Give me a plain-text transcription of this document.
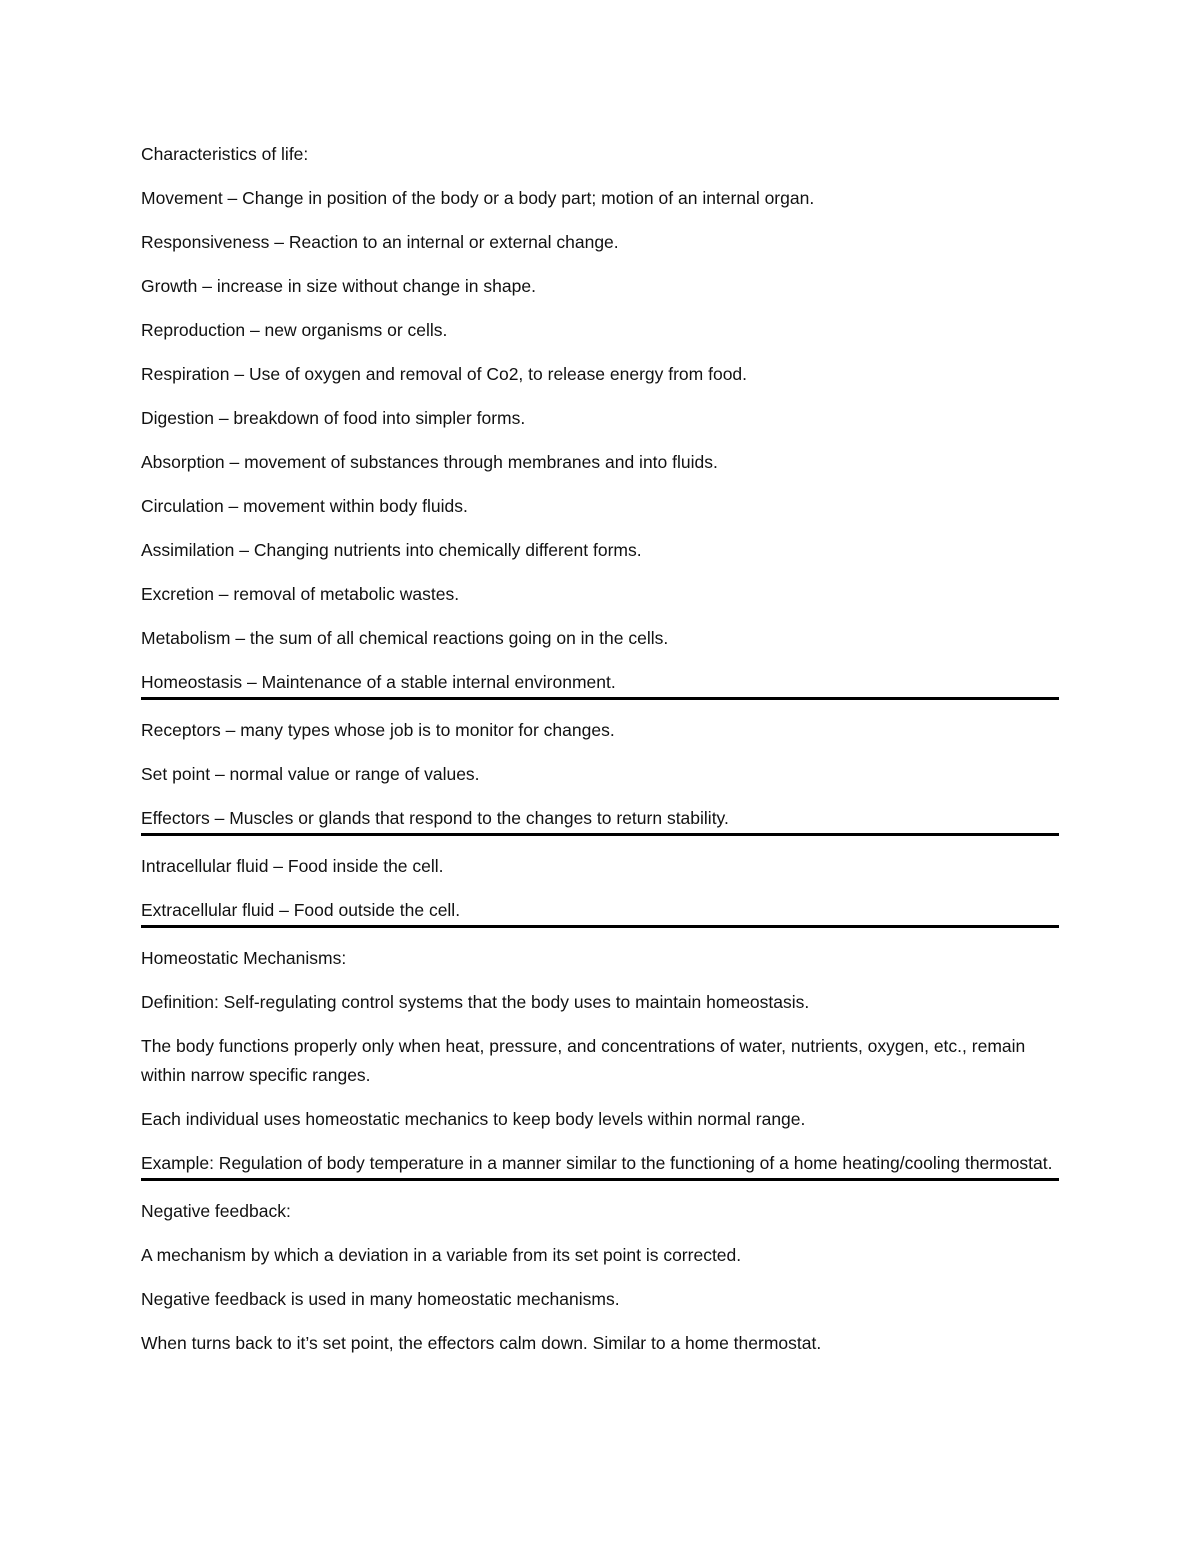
Characteristics of life:

Movement – Change in position of the body or a body part; motion of an internal organ.

Responsiveness – Reaction to an internal or external change.

Growth – increase in size without change in shape.

Reproduction – new organisms or cells.

Respiration – Use of oxygen and removal of Co2, to release energy from food.

Digestion – breakdown of food into simpler forms.

Absorption – movement of substances through membranes and into fluids.

Circulation – movement within body fluids.

Assimilation – Changing nutrients into chemically different forms.

Excretion – removal of metabolic wastes.

Metabolism – the sum of all chemical reactions going on in the cells.

Homeostasis – Maintenance of a stable internal environment.

Receptors – many types whose job is to monitor for changes.

Set point – normal value or range of values.

Effectors – Muscles or glands that respond to the changes to return stability.

Intracellular fluid – Food inside the cell.

Extracellular fluid – Food outside the cell.

Homeostatic Mechanisms:

Definition: Self-regulating control systems that the body uses to maintain homeostasis.

The body functions properly only when heat, pressure, and concentrations of water, nutrients, oxygen, etc., remain within narrow specific ranges.

Each individual uses homeostatic mechanics to keep body levels within normal range.

Example: Regulation of body temperature in a manner similar to the functioning of a home heating/cooling thermostat.

Negative feedback:

A mechanism by which a deviation in a variable from its set point is corrected.

Negative feedback is used in many homeostatic mechanisms.

When turns back to it’s set point, the effectors calm down. Similar to a home thermostat.
